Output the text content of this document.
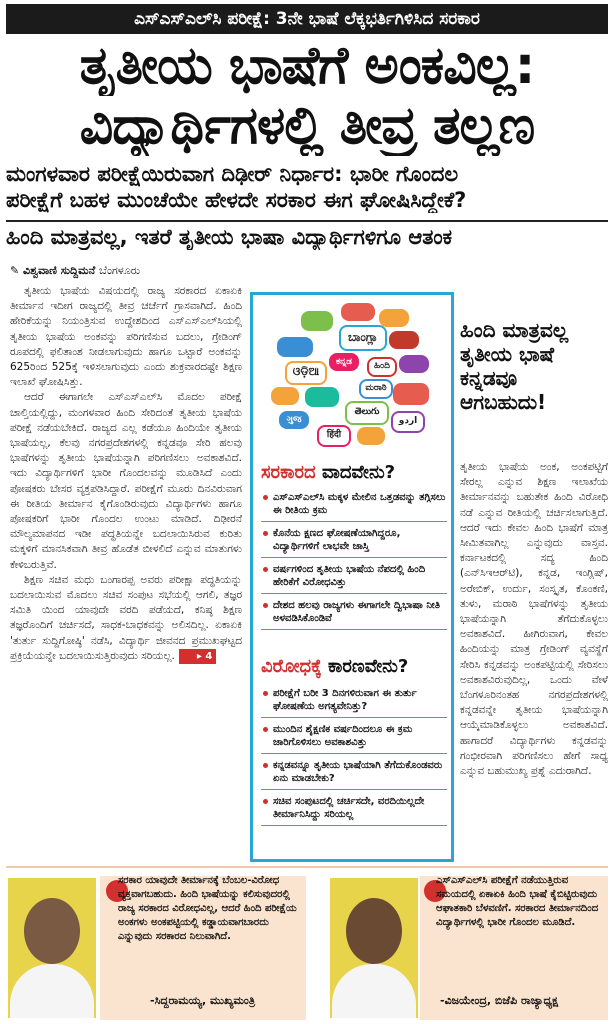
ಎಸ್‌ಎಸ್‌ಎಲ್‌ಸಿ ಪರೀಕ್ಷೆ: 3ನೇ ಭಾಷೆ ಲೆಕ್ಕಭರ್ತಿಗಿಳಿಸಿದ ಸರಕಾರ
ತೃತೀಯ ಭಾಷೆಗೆ ಅಂಕವಿಲ್ಲ:
ವಿದ್ಯಾರ್ಥಿಗಳಲ್ಲಿ ತೀವ್ರ ತಲ್ಲಣ
ಮಂಗಳವಾರ ಪರೀಕ್ಷೆಯಿರುವಾಗ ದಿಢೀರ್ ನಿರ್ಧಾರ: ಭಾರೀ ಗೊಂದಲ
ಪರೀಕ್ಷೆಗೆ ಬಹಳ ಮುಂಚೆಯೇ ಹೇಳದೇ ಸರಕಾರ ಈಗ ಘೋಷಿಸಿದ್ದೇಕೆ?
ಹಿಂದಿ ಮಾತ್ರವಲ್ಲ, ಇತರೆ ತೃತೀಯ ಭಾಷಾ ವಿದ್ಯಾರ್ಥಿಗಳಿಗೂ ಆತಂಕ
✎ ವಿಶ್ವವಾಣಿ ಸುದ್ದಿಮನೆ ಬೆಂಗಳೂರು

ತೃತೀಯ ಭಾಷೆಯ ವಿಷಯದಲ್ಲಿ ರಾಜ್ಯ ಸರಕಾರದ ಏಕಾಏಕಿ ತೀರ್ಮಾನ ಇದೀಗ ರಾಜ್ಯದಲ್ಲಿ ತೀವ್ರ ಚರ್ಚೆಗೆ ಗ್ರಾಸವಾಗಿದೆ. ಹಿಂದಿ ಹೇರಿಕೆಯನ್ನು ನಿಯಂತ್ರಿಸುವ ಉದ್ದೇಶದಿಂದ ಎಸ್‌ಎಸ್‌ಎಲ್‌ಸಿಯಲ್ಲಿ ತೃತೀಯ ಭಾಷೆಯ ಅಂಕವನ್ನು ಪರಿಗಣಿಸುವ ಬದಲು, ಗ್ರೇಡಿಂಗ್ ರೂಪದಲ್ಲಿ ಫಲಿತಾಂಶ ನೀಡಲಾಗುವುದು ಹಾಗೂ ಒಟ್ಟಾರೆ ಅಂಕವನ್ನು 625ರಿಂದ 525ಕ್ಕೆ ಇಳಿಸಲಾಗುವುದು ಎಂದು ಶುಕ್ರವಾರದಷ್ಟೇ ಶಿಕ್ಷಣ ಇಲಾಖೆ ಘೋಷಿಸಿತ್ತು.

ಆದರೆ ಈಗಾಗಲೇ ಎಸ್‌ಎಸ್‌ಎಲ್‌ಸಿ ಮೊದಲ ಪರೀಕ್ಷೆ ಚಾಲ್ತಿಯಲ್ಲಿದ್ದು, ಮಂಗಳವಾರ ಹಿಂದಿ ಸೇರಿದಂತೆ ತೃತೀಯ ಭಾಷೆಯ ಪರೀಕ್ಷೆ ನಡೆಯಬೇಕಿದೆ. ರಾಜ್ಯದ ಎಲ್ಲ ಕಡೆಯೂ ಹಿಂದಿಯೇ ತೃತೀಯ ಭಾಷೆಯಲ್ಲ, ಕೆಲವು ನಗರಪ್ರದೇಶಗಳಲ್ಲಿ ಕನ್ನಡವೂ ಸೇರಿ ಹಲವು ಭಾಷೆಗಳನ್ನು ತೃತೀಯ ಭಾಷೆಯನ್ನಾಗಿ ಪರಿಗಣಿಸಲು ಅವಕಾಶವಿದೆ. ಇದು ವಿದ್ಯಾರ್ಥಿಗಳಿಗೆ ಭಾರೀ ಗೊಂದಲವನ್ನು ಮೂಡಿಸಿದೆ ಎಂದು ಪೋಷಕರು ಬೇಸರ ವ್ಯಕ್ತಪಡಿಸಿದ್ದಾರೆ. ಪರೀಕ್ಷೆಗೆ ಮೂರು ದಿನವಿರುವಾಗ ಈ ರೀತಿಯ ತೀರ್ಮಾನ ಕೈಗೊಂಡಿರುವುದು ವಿದ್ಯಾರ್ಥಿಗಳು ಹಾಗೂ ಪೋಷಕರಿಗೆ ಭಾರೀ ಗೊಂದಲ ಉಂಟು ಮಾಡಿದೆ. ದಿಢೀರನೆ ಮೌಲ್ಯಮಾಪನದ ಇಡೀ ಪದ್ಧತಿಯನ್ನೇ ಬದಲಾಯಿಸಿರುವ ಕುರಿತು ಮಕ್ಕಳಿಗೆ ಮಾನಸಿಕವಾಗಿ ತೀವ್ರ ಹೊಡೆತ ಬೀಳಲಿದೆ ಎನ್ನುವ ಮಾತುಗಳು ಕೇಳಿಬರುತ್ತಿವೆ.

ಶಿಕ್ಷಣ ಸಚಿವ ಮಧು ಬಂಗಾರಪ್ಪ ಅವರು ಪರೀಕ್ಷಾ ಪದ್ಧತಿಯನ್ನು ಬದಲಾಯಿಸುವ ಮೊದಲು ಸಚಿವ ಸಂಪುಟ ಸಭೆಯಲ್ಲಿ ಆಗಲಿ, ತಜ್ಞರ ಸಮಿತಿ ಯಿಂದ ಯಾವುದೇ ವರದಿ ಪಡೆಯದೆ, ಕನಿಷ್ಠ ಶಿಕ್ಷಣ ತಜ್ಞರೊಂದಿಗೆ ಚರ್ಚಿಸದೆ, ಸಾಧಕ-ಬಾಧಕವನ್ನು ಅಲಿಸದಿಲ್ಲ. ಏಕಾಏಕಿ 'ತುರ್ತು ಸುದ್ದಿಗೋಷ್ಠಿ' ನಡೆಸಿ, ವಿದ್ಯಾರ್ಥಿ ಜೀವನದ ಪ್ರಮುಖಘಟ್ಟದ ಪ್ರಕ್ರಿಯೆಯನ್ನೇ ಬದಲಾಯಿಸುತ್ತಿರುವುದು ಸರಿಯಲ್ಲ. ▸ 4

ಬಾಂಗ್ಲಾ
ଓଡ଼ିଆ
ಕನ್ನಡ	ಹಿಂದಿ
ಮರಾಠಿ
తెలుగు
ગુજ	اردو
हिंदी
ಸರಕಾರದ ವಾದವೇನು?
ಎಸ್‌ಎಸ್‌ಎಲ್‌ಸಿ ಮಕ್ಕಳ ಮೇಲಿನ ಒತ್ತಡವನ್ನು ತಗ್ಗಿಸಲು ಈ ರೀತಿಯ ಕ್ರಮ
ಕೊನೆಯ ಕ್ಷಣದ ಘೋಷಣೆಯಾಗಿದ್ದರೂ, ವಿದ್ಯಾರ್ಥಿಗಳಿಗೆ ಲಾಭವೇ ಜಾಸ್ತಿ
ವರ್ಷಗಳಿಂದ ತೃತೀಯ ಭಾಷೆಯ ನೆಪದಲ್ಲಿ ಹಿಂದಿ ಹೇರಿಕೆಗೆ ವಿರೋಧವಿತ್ತು
ದೇಶದ ಹಲವು ರಾಜ್ಯಗಳು ಈಗಾಗಲೇ ದ್ವಿಭಾಷಾ ನೀತಿ ಅಳವಡಿಸಿಕೊಂಡಿವೆ
ವಿರೋಧಕ್ಕೆ ಕಾರಣವೇನು?
ಪರೀಕ್ಷೆಗೆ ಬರೀ 3 ದಿನಗಳಿರುವಾಗ ಈ ತುರ್ತು ಘೋಷಣೆಯ ಅಗತ್ಯವೇನಿತ್ತು?
ಮುಂದಿನ ಶೈಕ್ಷಣಿಕ ವರ್ಷದಿಂದಲೂ ಈ ಕ್ರಮ ಜಾರಿಗೊಳಿಸಲು ಅವಕಾಶವಿತ್ತು
ಕನ್ನಡವನ್ನೂ ತೃತೀಯ ಭಾಷೆಯಾಗಿ ತೆಗೆದುಕೊಂಡವರು ಏನು ಮಾಡಬೇಕು?
ಸಚಿವ ಸಂಪುಟದಲ್ಲಿ ಚರ್ಚಿಸದೇ, ವರದಿಯಿಲ್ಲದೇ ತೀರ್ಮಾನಿಸಿದ್ದು ಸರಿಯಲ್ಲ
ಹಿಂದಿ ಮಾತ್ರವಲ್ಲ ತೃತೀಯ ಭಾಷೆ ಕನ್ನಡವೂ ಆಗಬಹುದು!
ತೃತೀಯ ಭಾಷೆಯ ಅಂಕ, ಅಂಕಪಟ್ಟಿಗೆ ಸೇರಲ್ಲ ಎನ್ನುವ ಶಿಕ್ಷಣ ಇಲಾಖೆಯ ತೀರ್ಮಾನವನ್ನು ಬಹುತೇಕ ಹಿಂದಿ ವಿರೋಧಿ ನಡೆ ಎನ್ನುವ ರೀತಿಯಲ್ಲಿ ಚರ್ಚಿಸಲಾಗುತ್ತಿದೆ. ಆದರೆ ಇದು ಕೇವಲ ಹಿಂದಿ ಭಾಷೆಗೆ ಮಾತ್ರ ಸೀಮಿತವಾಗಿಲ್ಲ ಎನ್ನುವುದು ವಾಸ್ತವ. ಕರ್ನಾಟಕದಲ್ಲಿ ಸದ್ಯ ಹಿಂದಿ (ಎನ್‌ಸಿಇಆರ್‌ಟಿ), ಕನ್ನಡ, ಇಂಗ್ಲಿಷ್, ಅರೇಬಿಕ್, ಉರ್ದು, ಸಂಸ್ಕೃತ, ಕೊಂಕಣಿ, ತುಳು, ಮರಾಠಿ ಭಾಷೆಗಳನ್ನು ತೃತೀಯ ಭಾಷೆಯನ್ನಾಗಿ ತೆಗೆದುಕೊಳ್ಳಲು ಅವಕಾಶವಿದೆ. ಹೀಗಿರುವಾಗ, ಕೇವಲ ಹಿಂದಿಯನ್ನು ಮಾತ್ರ ಗ್ರೇಡಿಂಗ್ ವ್ಯವಸ್ಥೆಗೆ ಸೇರಿಸಿ ಕನ್ನಡವನ್ನು ಅಂಕಪಟ್ಟಿಯಲ್ಲಿ ಸೇರಿಸಲು ಅವಕಾಶವಿರುವುದಿಲ್ಲ, ಒಂದು ವೇಳೆ ಬೆಂಗಳೂರಿನಂತಹ ನಗರಪ್ರದೇಶಗಳಲ್ಲಿ ಕನ್ನಡವನ್ನೇ ತೃತೀಯ ಭಾಷೆಯನ್ನಾಗಿ ಆಯ್ಕೆಮಾಡಿಕೊಳ್ಳಲು ಅವಕಾಶವಿದೆ. ಹಾಗಾದರೆ ವಿದ್ಯಾರ್ಥಿಗಳು ಕನ್ನಡವನ್ನು ಗಂಭೀರವಾಗಿ ಪರಿಗಣಿಸಲು ಹೇಗೆ ಸಾಧ್ಯ ಎನ್ನುವ ಬಹುಮುಖ್ಯ ಪ್ರಶ್ನೆ ಎದುರಾಗಿದೆ.
ಸರಕಾರ ಯಾವುದೇ ತೀರ್ಮಾನಕ್ಕೆ ಬೆಂಬಲ-ವಿರೋಧ ವ್ಯಕ್ತವಾಗಬಹುದು. ಹಿಂದಿ ಭಾಷೆಯನ್ನು ಕಲಿಸುವುದರಲ್ಲಿ ರಾಜ್ಯ ಸರಕಾರದ ವಿರೋಧವಿಲ್ಲ, ಆದರೆ ಹಿಂದಿ ಪರೀಕ್ಷೆಯ ಅಂಕಗಳು ಅಂಕಪಟ್ಟಿಯಲ್ಲಿ ಕಡ್ಡಾಯವಾಗಬಾರದು ಎನ್ನುವುದು ಸರಕಾರದ ನಿಲುವಾಗಿದೆ.
-ಸಿದ್ದರಾಮಯ್ಯ, ಮುಖ್ಯಮಂತ್ರಿ
ಎಸ್‌ಎಸ್‌ಎಲ್‌ಸಿ ಪರೀಕ್ಷೆಗೆ ನಡೆಯುತ್ತಿರುವ ಸಮಯದಲ್ಲಿ ಏಕಾಏಕಿ ಹಿಂದಿ ಭಾಷೆ ಕೈಬಿಟ್ಟಿರುವುದು ಆಘಾತಕಾರಿ ಬೆಳವಣಿಗೆ. ಸರಕಾರದ ತೀರ್ಮಾನದಿಂದ ವಿದ್ಯಾರ್ಥಿಗಳಲ್ಲಿ ಭಾರೀ ಗೊಂದಲ ಮೂಡಿದೆ.
-ವಿಜಯೇಂದ್ರ, ಬಿಜೆಪಿ ರಾಜ್ಯಾಧ್ಯಕ್ಷ
